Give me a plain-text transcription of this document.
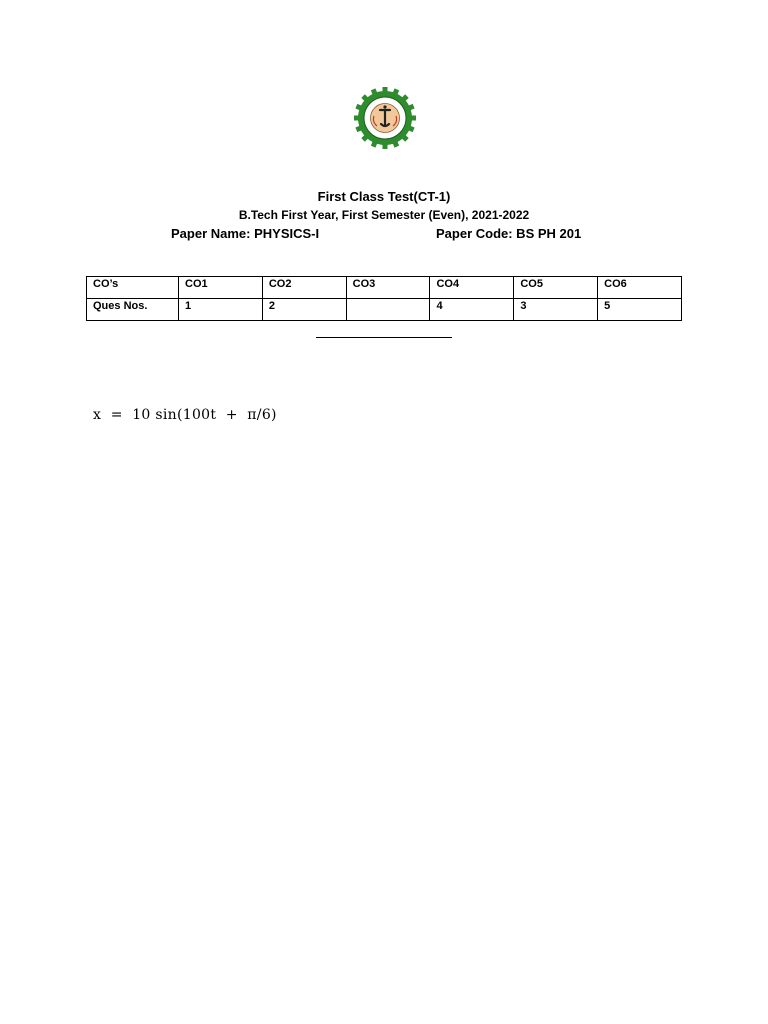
First Class Test(CT-1)
B.Tech First Year, First Semester (Even), 2021-2022
Paper Name: PHYSICS-I	Paper Code: BS PH 201
CO’s	CO1	CO2	CO3	CO4	CO5	CO6
Ques Nos.	1	2		4	3	5
x  =  10 sin(100t  +  π/6)
